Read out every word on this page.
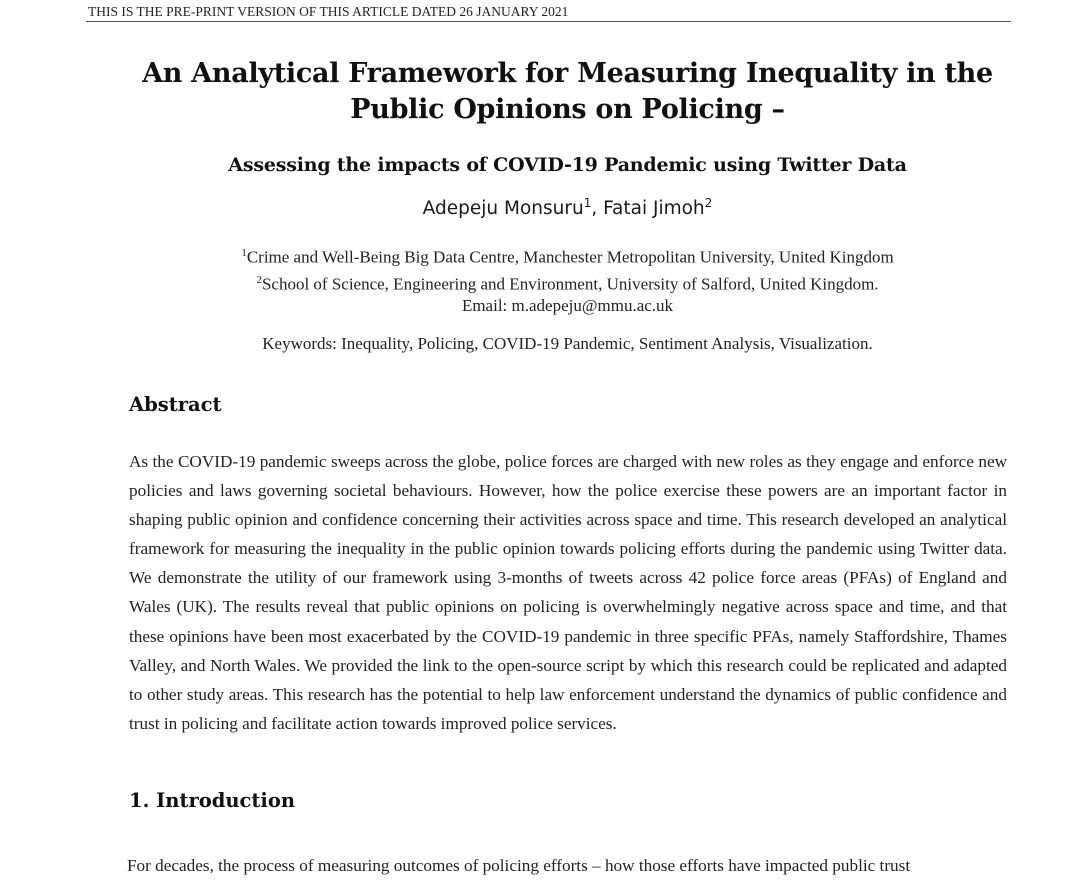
THIS IS THE PRE-PRINT VERSION OF THIS ARTICLE DATED 26 JANUARY 2021
An Analytical Framework for Measuring Inequality in the
Public Opinions on Policing –
Assessing the impacts of COVID-19 Pandemic using Twitter Data
Adepeju Monsuru$^1$, Fatai Jimoh$^2$
$^1$Crime and Well-Being Big Data Centre, Manchester Metropolitan University, United Kingdom
$^2$School of Science, Engineering and Environment, University of Salford, United Kingdom.
Email: m.adepeju@mmu.ac.uk
Keywords: Inequality, Policing, COVID-19 Pandemic, Sentiment Analysis, Visualization.
Abstract

As the COVID-19 pandemic sweeps across the globe, police forces are charged with new roles as they engage and enforce new policies and laws governing societal behaviours. However, how the police exercise these powers are an important factor in shaping public opinion and confidence concerning their activities across space and time. This research developed an analytical framework for measuring the inequality in the public opinion towards policing efforts during the pandemic using Twitter data. We demonstrate the utility of our framework using 3-months of tweets across 42 police force areas (PFAs) of England and Wales (UK). The results reveal that public opinions on policing is overwhelmingly negative across space and time, and that these opinions have been most exacerbated by the COVID-19 pandemic in three specific PFAs, namely Staffordshire, Thames Valley, and North Wales. We provided the link to the open-source script by which this research could be replicated and adapted to other study areas. This research has the potential to help law enforcement understand the dynamics of public confidence and trust in policing and facilitate action towards improved police services.

1. Introduction

For decades, the process of measuring outcomes of policing efforts – how those efforts have impacted public trust
